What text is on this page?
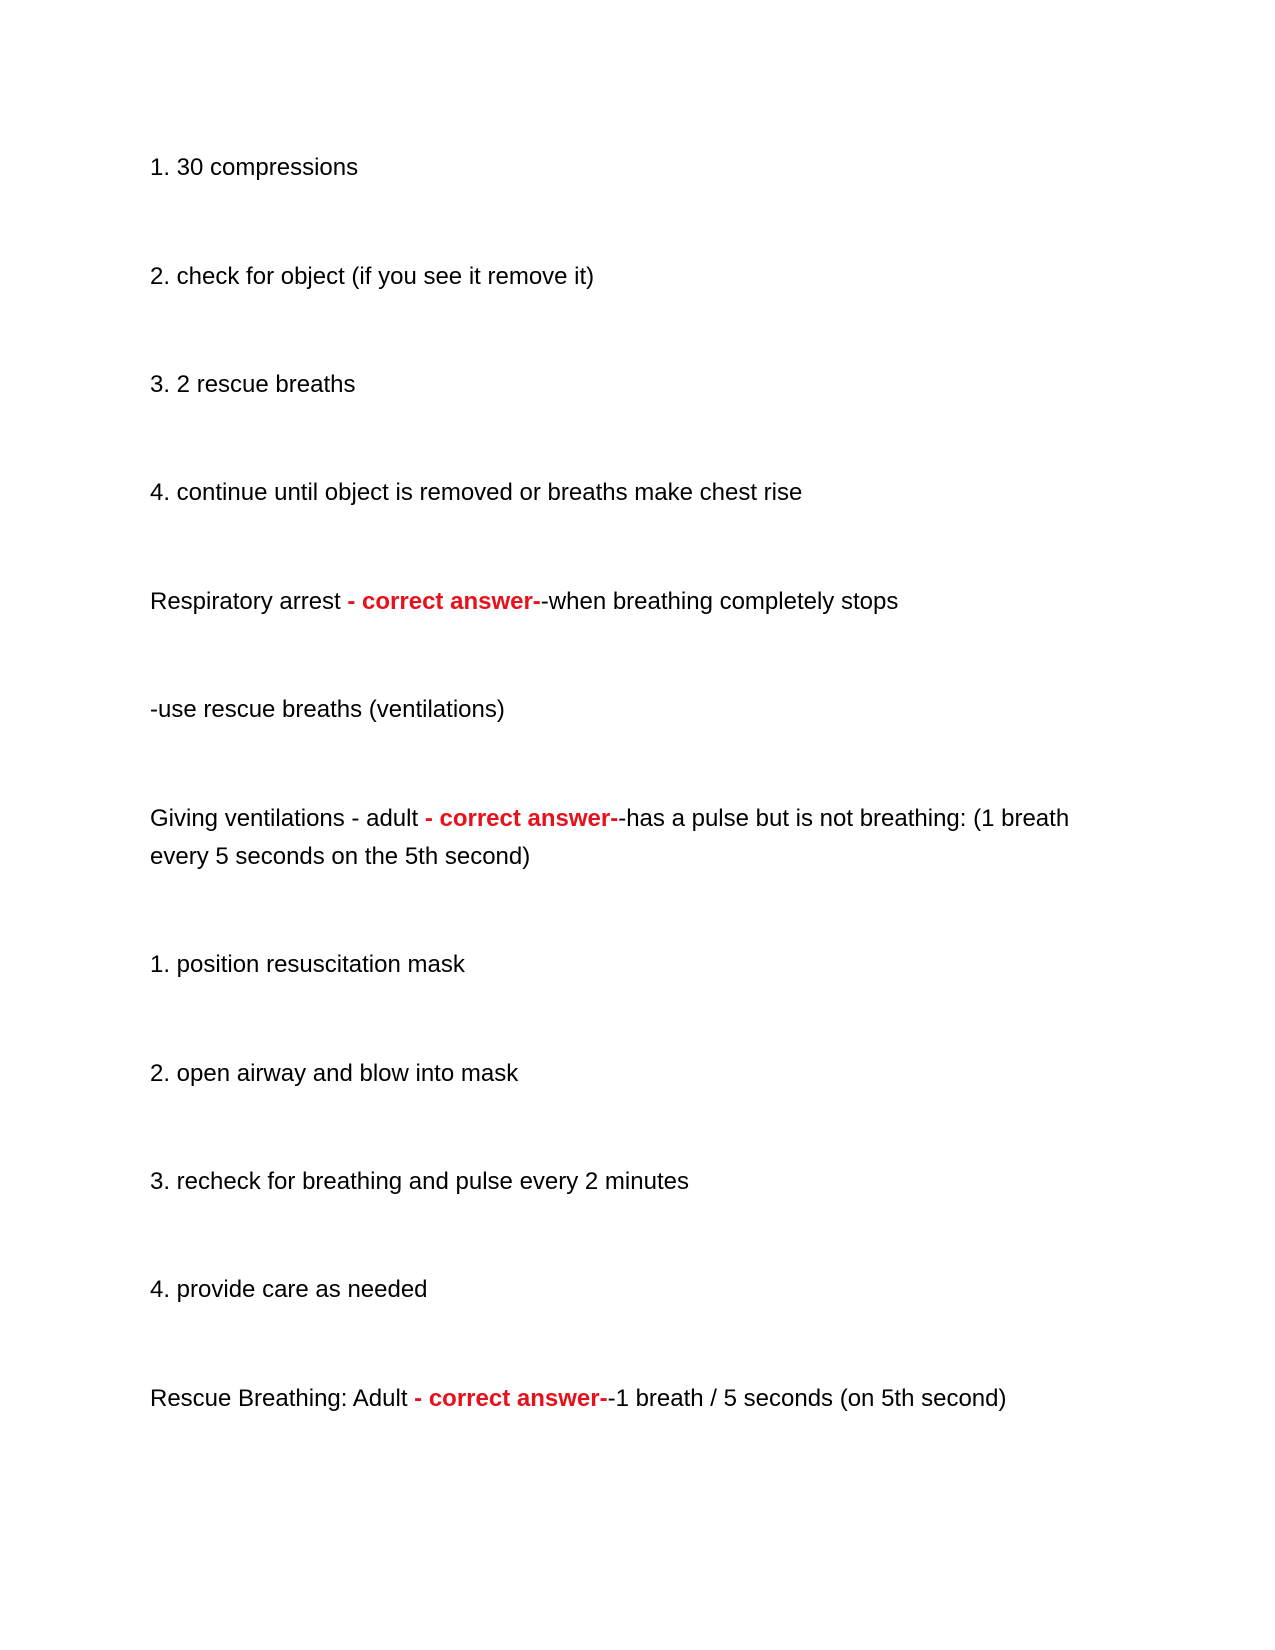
1. 30 compressions
2. check for object (if you see it remove it)
3. 2 rescue breaths
4. continue until object is removed or breaths make chest rise
Respiratory arrest - correct answer--when breathing completely stops
-use rescue breaths (ventilations)
Giving ventilations - adult - correct answer--has a pulse but is not breathing: (1 breath every 5 seconds on the 5th second)
1. position resuscitation mask
2. open airway and blow into mask
3. recheck for breathing and pulse every 2 minutes
4. provide care as needed
Rescue Breathing: Adult - correct answer--1 breath / 5 seconds (on 5th second)
